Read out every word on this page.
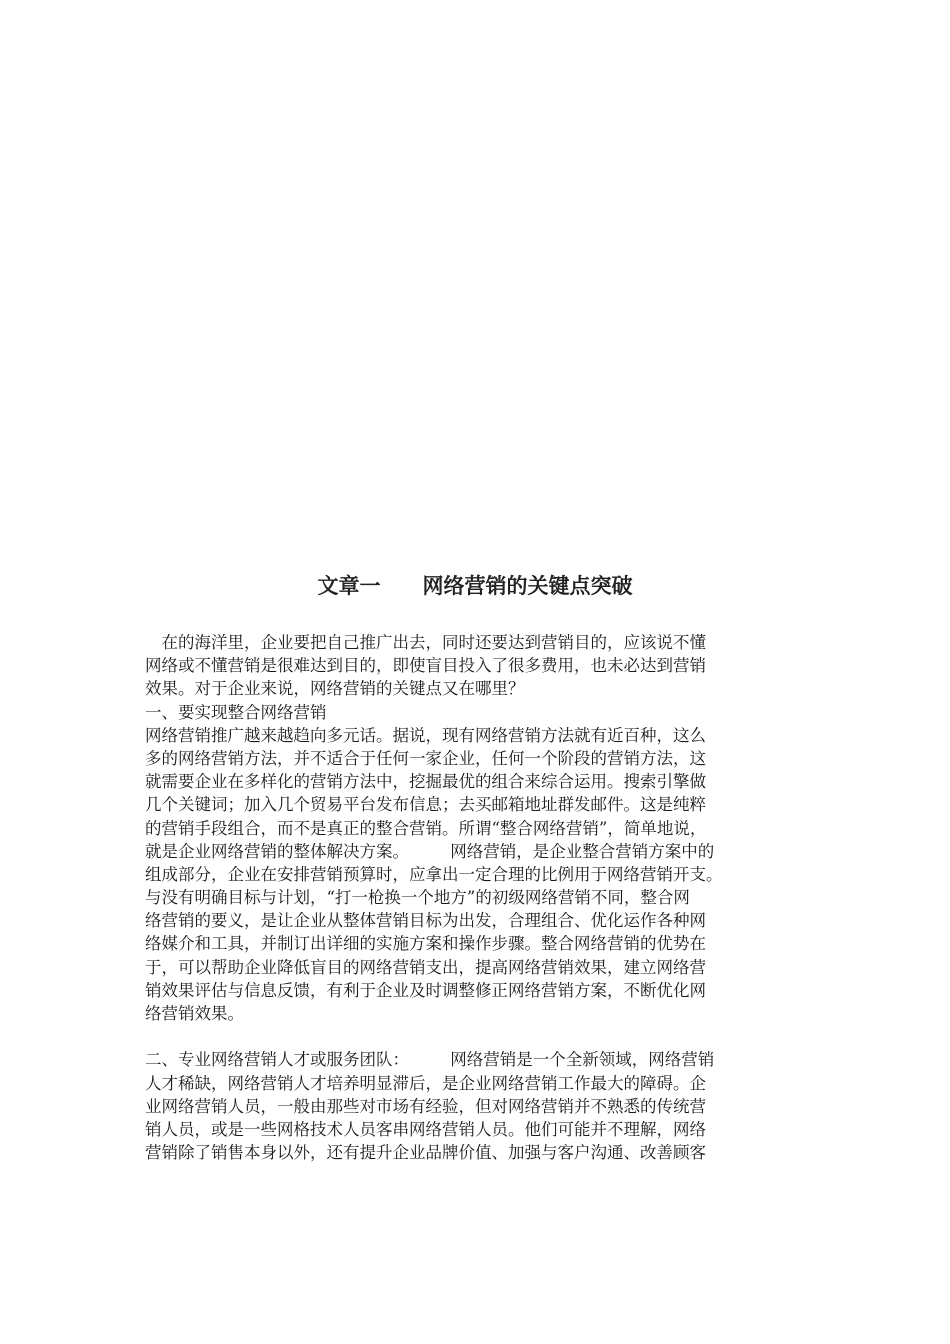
文章一　　网络营销的关键点突破
　在的海洋里，企业要把自己推广出去，同时还要达到营销目的，应该说不懂
网络或不懂营销是很难达到目的，即使盲目投入了很多费用，也未必达到营销
效果。对于企业来说，网络营销的关键点又在哪里？
一、要实现整合网络营销
网络营销推广越来越趋向多元话。据说，现有网络营销方法就有近百种，这么
多的网络营销方法，并不适合于任何一家企业，任何一个阶段的营销方法，这
就需要企业在多样化的营销方法中，挖掘最优的组合来综合运用。搜索引擎做
几个关键词；加入几个贸易平台发布信息；去买邮箱地址群发邮件。这是纯粹
的营销手段组合，而不是真正的整合营销。所谓“整合网络营销”，简单地说，
就是企业网络营销的整体解决方案。　　　网络营销，是企业整合营销方案中的
组成部分，企业在安排营销预算时，应拿出一定合理的比例用于网络营销开支。
与没有明确目标与计划，“打一枪换一个地方”的初级网络营销不同，整合网
络营销的要义，是让企业从整体营销目标为出发，合理组合、优化运作各种网
络媒介和工具，并制订出详细的实施方案和操作步骤。整合网络营销的优势在
于，可以帮助企业降低盲目的网络营销支出，提高网络营销效果，建立网络营
销效果评估与信息反馈，有利于企业及时调整修正网络营销方案，不断优化网
络营销效果。
二、专业网络营销人才或服务团队：　　　网络营销是一个全新领域，网络营销
人才稀缺，网络营销人才培养明显滞后，是企业网络营销工作最大的障碍。企
业网络营销人员，一般由那些对市场有经验，但对网络营销并不熟悉的传统营
销人员，或是一些网格技术人员客串网络营销人员。他们可能并不理解，网络
营销除了销售本身以外，还有提升企业品牌价值、加强与客户沟通、改善顾客
